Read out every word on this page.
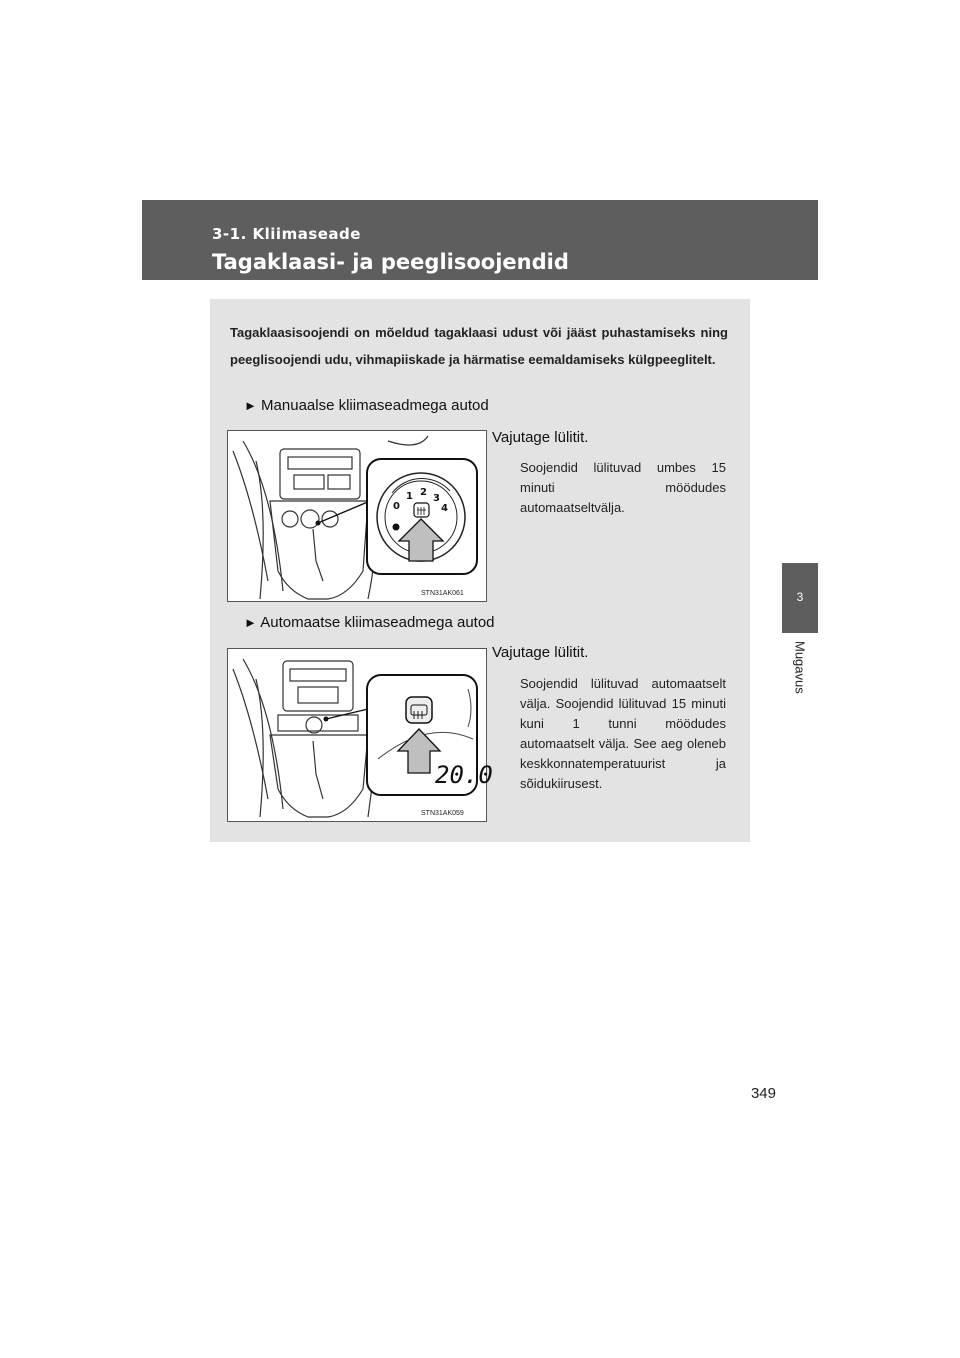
3-1. Kliimaseade
Tagaklaasi- ja peeglisoojendid
3
Mugavus
Tagaklaasisoojendi on mõeldud tagaklaasi udust või jääst puhastamiseks ning peeglisoojendi udu, vihmapiiskade ja härmatise eemaldamiseks külgpeeglitelt.
► Manuaalse kliimaseadmega autod
0
1 2
3
4
STN31AK061
Vajutage lülitit.
Soojendid lülituvad umbes 15 minuti möödudes automaatseltvälja.
► Automaatse kliimaseadmega autod
20.0
STN31AK059
Vajutage lülitit.
Soojendid lülituvad automaatselt välja. Soojendid lülituvad 15 minuti kuni 1 tunni möödudes automaatselt välja. See aeg oleneb keskkonnatemperatuurist ja sõidukiirusest.
349
